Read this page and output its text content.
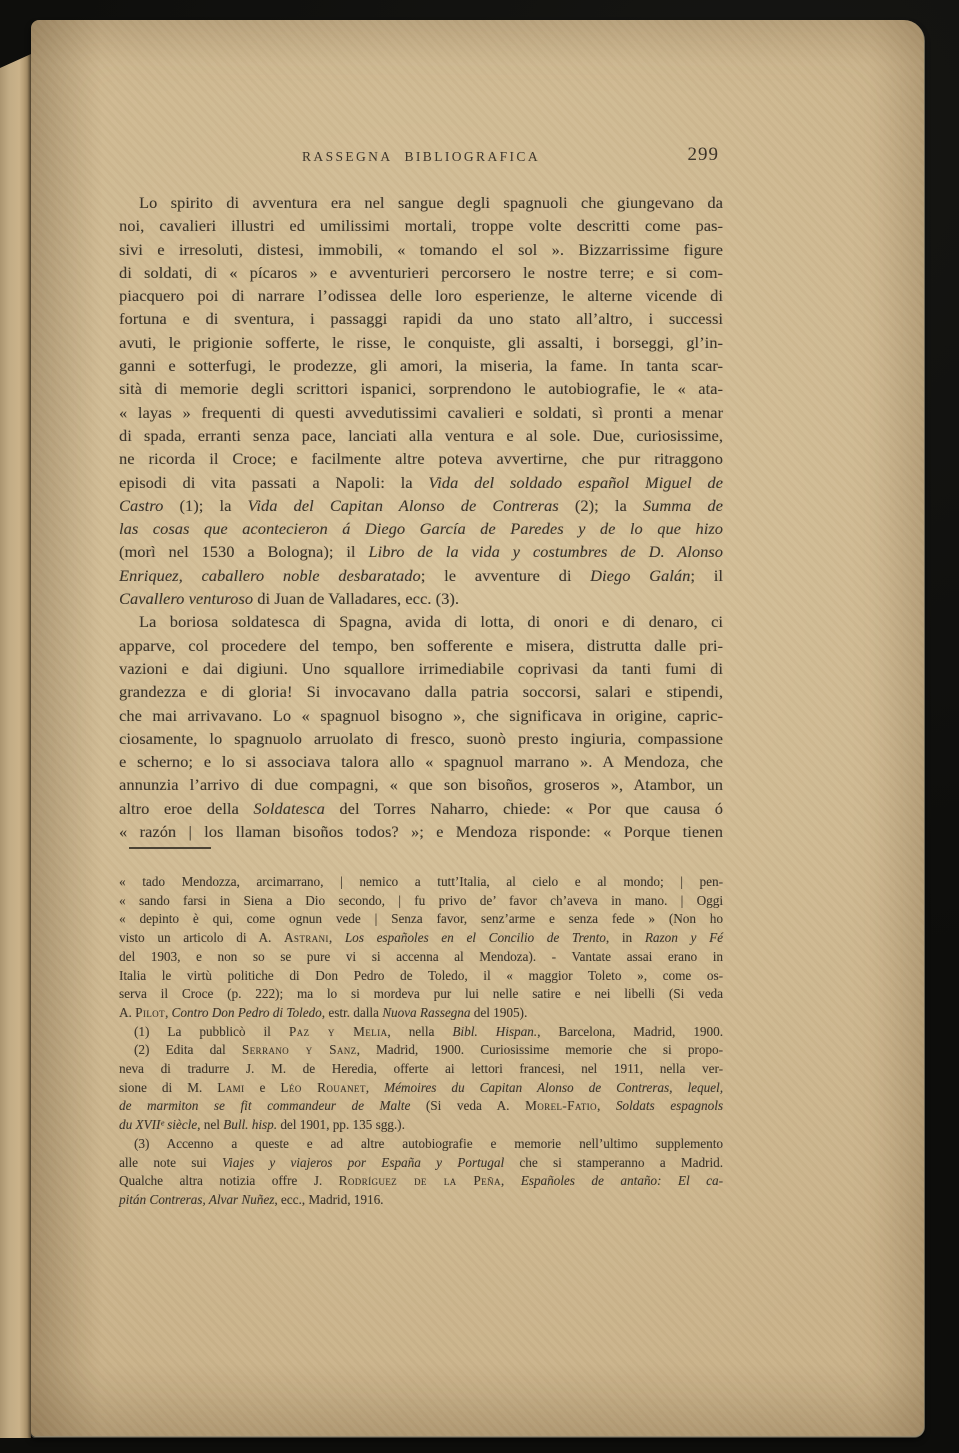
RASSEGNA BIBLIOGRAFICA	299
Lo spirito di avventura era nel sangue degli spagnuoli che giungevano da
noi, cavalieri illustri ed umilissimi mortali, troppe volte descritti come pas-
sivi e irresoluti, distesi, immobili, « tomando el sol ». Bizzarrissime figure
di soldati, di « pícaros » e avventurieri percorsero le nostre terre; e si com-
piacquero poi di narrare l’odissea delle loro esperienze, le alterne vicende di
fortuna e di sventura, i passaggi rapidi da uno stato all’altro, i successi
avuti, le prigionie sofferte, le risse, le conquiste, gli assalti, i borseggi, gl’in-
ganni e sotterfugi, le prodezze, gli amori, la miseria, la fame. In tanta scar-
sità di memorie degli scrittori ispanici, sorprendono le autobiografie, le « ata-
« layas » frequenti di questi avvedutissimi cavalieri e soldati, sì pronti a menar
di spada, erranti senza pace, lanciati alla ventura e al sole. Due, curiosissime,
ne ricorda il Croce; e facilmente altre poteva avvertirne, che pur ritraggono
episodi di vita passati a Napoli: la Vida del soldado español Miguel de
Castro (1); la Vida del Capitan Alonso de Contreras (2); la Summa de
las cosas que acontecieron á Diego García de Paredes y de lo que hizo
(morì nel 1530 a Bologna); il Libro de la vida y costumbres de D. Alonso
Enriquez, caballero noble desbaratado; le avventure di Diego Galán; il
Cavallero venturoso di Juan de Valladares, ecc. (3).
La boriosa soldatesca di Spagna, avida di lotta, di onori e di denaro, ci
apparve, col procedere del tempo, ben sofferente e misera, distrutta dalle pri-
vazioni e dai digiuni. Uno squallore irrimediabile coprivasi da tanti fumi di
grandezza e di gloria! Si invocavano dalla patria soccorsi, salari e stipendi,
che mai arrivavano. Lo « spagnuol bisogno », che significava in origine, capric-
ciosamente, lo spagnuolo arruolato di fresco, suonò presto ingiuria, compassione
e scherno; e lo si associava talora allo « spagnuol marrano ». A Mendoza, che
annunzia l’arrivo di due compagni, « que son bisoños, groseros », Atambor, un
altro eroe della Soldatesca del Torres Naharro, chiede: « Por que causa ó
« razón | los llaman bisoños todos? »; e Mendoza risponde: « Porque tienen
« tado Mendozza, arcimarrano, | nemico a tutt’Italia, al cielo e al mondo; | pen-
« sando farsi in Siena a Dio secondo, | fu privo de’ favor ch’aveva in mano. | Oggi
« depinto è qui, come ognun vede | Senza favor, senz’arme e senza fede » (Non ho
visto un articolo di A. Astrani, Los españoles en el Concilio de Trento, in Razon y Fé
del 1903, e non so se pure vi si accenna al Mendoza). - Vantate assai erano in
Italia le virtù politiche di Don Pedro de Toledo, il « maggior Toleto », come os-
serva il Croce (p. 222); ma lo si mordeva pur lui nelle satire e nei libelli (Si veda
A. Pilot, Contro Don Pedro di Toledo, estr. dalla Nuova Rassegna del 1905).
(1) La pubblicò il Paz y Melia, nella Bibl. Hispan., Barcelona, Madrid, 1900.
(2) Edita dal Serrano y Sanz, Madrid, 1900. Curiosissime memorie che si propo-
neva di tradurre J. M. de Heredia, offerte ai lettori francesi, nel 1911, nella ver-
sione di M. Lami e Léo Rouanet, Mémoires du Capitan Alonso de Contreras, lequel,
de marmiton se fit commandeur de Malte (Si veda A. Morel-Fatio, Soldats espagnols
du XVIIᵉ siècle, nel Bull. hisp. del 1901, pp. 135 sgg.).
(3) Accenno a queste e ad altre autobiografie e memorie nell’ultimo supplemento
alle note sui Viajes y viajeros por España y Portugal che si stamperanno a Madrid.
Qualche altra notizia offre J. Rodríguez de la Peña, Españoles de antaño: El ca-
pitán Contreras, Alvar Nuñez, ecc., Madrid, 1916.
